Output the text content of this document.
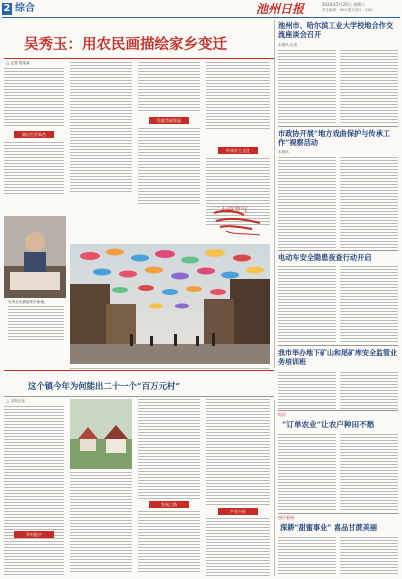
2 综合	池州日报	2024年5月25日 星期六
责任编辑：XXX 版式设计：XXX
吴秀玉：用农民画描绘家乡变迁
□ 记者 程某某
画出生活本色
绘就美丽家园
传承乡土文化
二十四节气
吴秀玉在描绘家乡新貌。
池州市、哈尔滨工业大学校地合作交流座谈会召开
本报讯 记者
市政协开展“地方戏曲保护与传承工作”视察活动
本报讯
电动车安全隐患夜查行动开启
我市举办地下矿山和尾矿库安全监管业务培训班
这个镇今年为何能出二十一个“百万元村”
□ 本报记者
乡村振兴
发展之路
产业兴旺
短评
“订单农业”让农户种田不愁
图片新闻
深耕“甜蜜事业” 喜品甘蔗美丽
